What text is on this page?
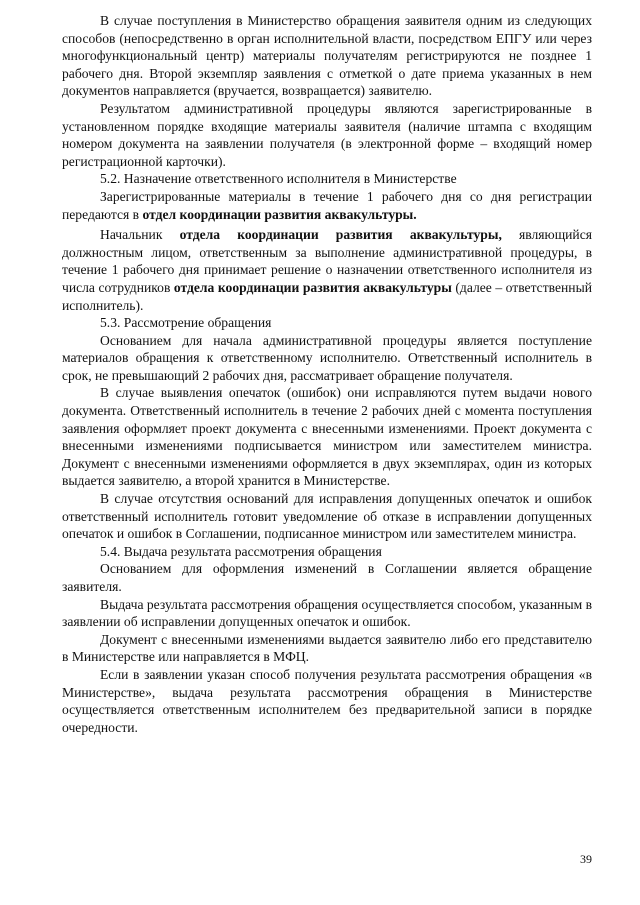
В случае поступления в Министерство обращения заявителя одним из следующих способов (непосредственно в орган исполнительной власти, посредством ЕПГУ или через многофункциональный центр) материалы получателям регистрируются не позднее 1 рабочего дня. Второй экземпляр заявления с отметкой о дате приема указанных в нем документов направляется (вручается, возвращается) заявителю.

Результатом административной процедуры являются зарегистрированные в установленном порядке входящие материалы заявителя (наличие штампа с входящим номером документа на заявлении получателя (в электронной форме – входящий номер регистрационной карточки).

5.2. Назначение ответственного исполнителя в Министерстве

Зарегистрированные материалы в течение 1 рабочего дня со дня регистрации передаются в отдел координации развития аквакультуры.

Начальник отдела координации развития аквакультуры, являющийся должностным лицом, ответственным за выполнение административной процедуры, в течение 1 рабочего дня принимает решение о назначении ответственного исполнителя из числа сотрудников отдела координации развития аквакультуры (далее – ответственный исполнитель).

5.3. Рассмотрение обращения

Основанием для начала административной процедуры является поступление материалов обращения к ответственному исполнителю. Ответственный исполнитель в срок, не превышающий 2 рабочих дня, рассматривает обращение получателя.

В случае выявления опечаток (ошибок) они исправляются путем выдачи нового документа. Ответственный исполнитель в течение 2 рабочих дней с момента поступления заявления оформляет проект документа с внесенными изменениями. Проект документа с внесенными изменениями подписывается министром или заместителем министра. Документ с внесенными изменениями оформляется в двух экземплярах, один из которых выдается заявителю, а второй хранится в Министерстве.

В случае отсутствия оснований для исправления допущенных опечаток и ошибок ответственный исполнитель готовит уведомление об отказе в исправлении допущенных опечаток и ошибок в Соглашении, подписанное министром или заместителем министра.

5.4. Выдача результата рассмотрения обращения

Основанием для оформления изменений в Соглашении является обращение заявителя.

Выдача результата рассмотрения обращения осуществляется способом, указанным в заявлении об исправлении допущенных опечаток и ошибок.

Документ с внесенными изменениями выдается заявителю либо его представителю в Министерстве или направляется в МФЦ.

Если в заявлении указан способ получения результата рассмотрения обращения «в Министерстве», выдача результата рассмотрения обращения в Министерстве осуществляется ответственным исполнителем без предварительной записи в порядке очередности.

39
